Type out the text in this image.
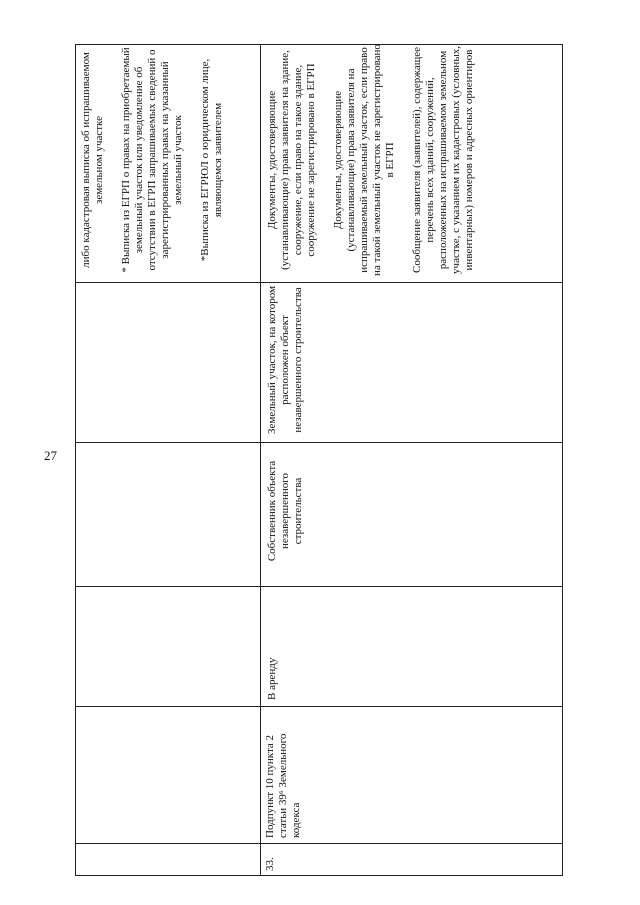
27

33.

Подпункт 10 пункта 2 статьи 39⁶ Земельного кодекса

В аренду

Собственник объекта незавершенного строительства

Земельный участок, на котором расположен объект незавершенного строительства

либо кадастровая выписка об испрашиваемом земельном участке * Выписка из ЕГРП о правах на приобретаемый земельный участок или уведомление об отсутствии в ЕГРП запрашиваемых сведений о зарегистрированных правах на указанный земельный участок *Выписка из ЕГРЮЛ о юридическом лице, являющемся заявителем	Документы, удостоверяющие (устанавливающие) права заявителя на здание, сооружение, если право на такое здание, сооружение не зарегистрировано в ЕГРП Документы, удостоверяющие (устанавливающие) права заявителя на испрашиваемый земельный участок, если право на такой земельный участок не зарегистрировано в ЕГРП Сообщение заявителя (заявителей), содержащее перечень всех зданий, сооружений, расположенных на испрашиваемом земельном участке, с указанием их кадастровых (условных, инвентарных) номеров и адресных ориентиров
